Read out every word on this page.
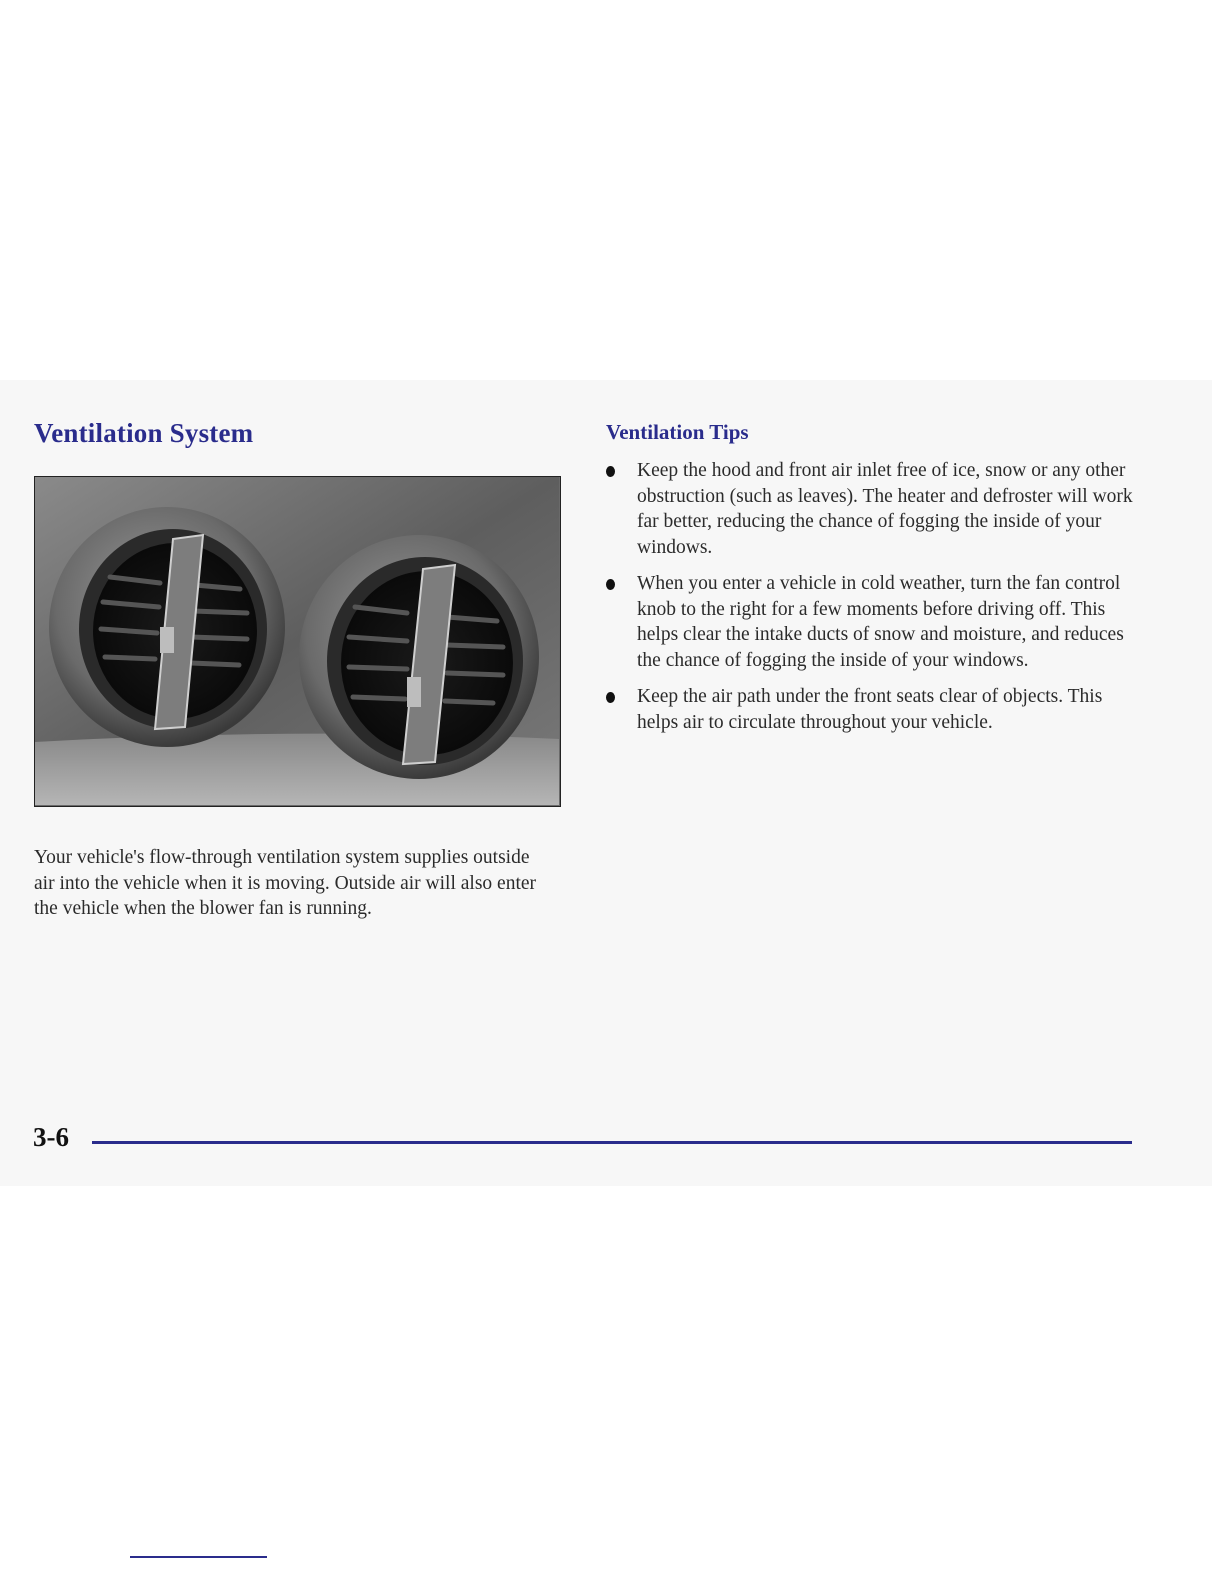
Ventilation System

Your vehicle's flow-through ventilation system supplies outside air into the vehicle when it is moving. Outside air will also enter the vehicle when the blower fan is running.

Ventilation Tips
Keep the hood and front air inlet free of ice, snow or any other obstruction (such as leaves). The heater and defroster will work far better, reducing the chance of fogging the inside of your windows.
When you enter a vehicle in cold weather, turn the fan control knob to the right for a few moments before driving off. This helps clear the intake ducts of snow and moisture, and reduces the chance of fogging the inside of your windows.
Keep the air path under the front seats clear of objects. This helps air to circulate throughout your vehicle.
3-6
